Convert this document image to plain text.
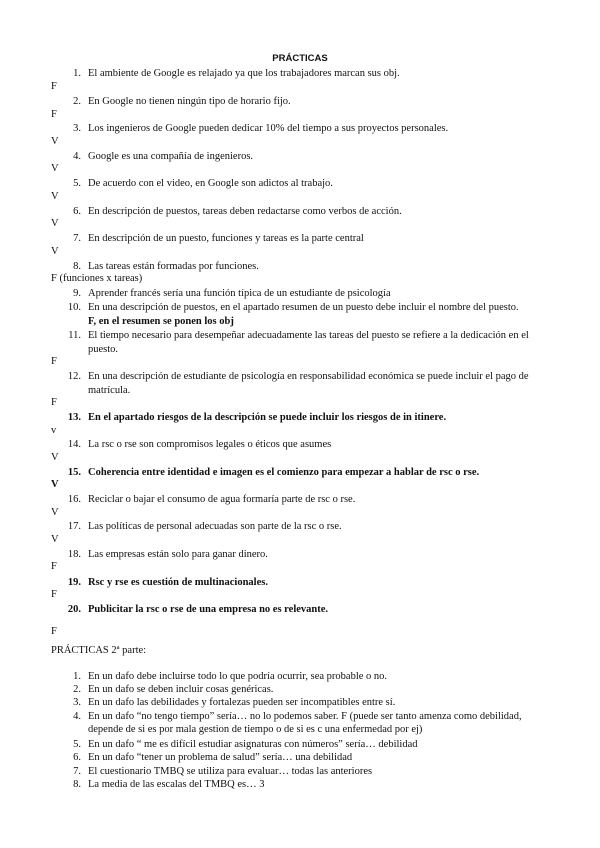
PRÁCTICAS
1. El ambiente de Google es relajado ya que los trabajadores marcan sus obj.
F
2. En Google no tienen ningún tipo de horario fijo.
F
3. Los ingenieros de Google pueden dedicar 10% del tiempo a sus proyectos personales.
V
4. Google es una compañía de ingenieros.
V
5. De acuerdo con el video, en Google son adictos al trabajo.
V
6. En descripción de puestos, tareas deben redactarse como verbos de acción.
V
7. En descripción de un puesto, funciones y tareas es la parte central
V
8. Las tareas están formadas por funciones.
F (funciones x tareas)
9. Aprender francés sería una función típica de un estudiante de psicología
10. En una descripción de puestos, en el apartado resumen de un puesto debe incluir el nombre del puesto.
F, en el resumen se ponen los obj
11. El tiempo necesario para desempeñar adecuadamente las tareas del puesto se refiere a la dedicación en el puesto.
F
12. En una descripción de estudiante de psicología en responsabilidad económica se puede incluir el pago de matrícula.
F
13. En el apartado riesgos de la descripción se puede incluir los riesgos de in itinere.
v
14. La rsc o rse son compromisos legales o éticos que asumes
V
15. Coherencia entre identidad e imagen es el comienzo para empezar a hablar de rsc o rse.
V
16. Reciclar o bajar el consumo de agua formaría parte de rsc o rse.
V
17. Las políticas de personal adecuadas son parte de la rsc o rse.
V
18. Las empresas están solo para ganar dinero.
F
19. Rsc y rse es cuestión de multinacionales.
F
20. Publicitar la rsc o rse de una empresa no es relevante.
F
PRÁCTICAS 2ª parte:
1. En un dafo debe incluirse todo lo que podría ocurrir, sea probable o no.
2. En un dafo se deben incluir cosas genéricas.
3. En un dafo las debilidades y fortalezas pueden ser incompatibles entre sí.
4. En un dafo “no tengo tiempo” sería… no lo podemos saber. F (puede ser tanto amenza como debilidad, depende de si es por mala gestion de tiempo o de si es c una enfermedad por ej)
5. En un dafo “ me es difícil estudiar asignaturas con números” sería… debilidad
6. En un dafo “tener un problema de salud” sería… una debilidad
7. El cuestionario TMBQ se utiliza para evaluar… todas las anteriores
8. La media de las escalas del TMBQ es… 3
